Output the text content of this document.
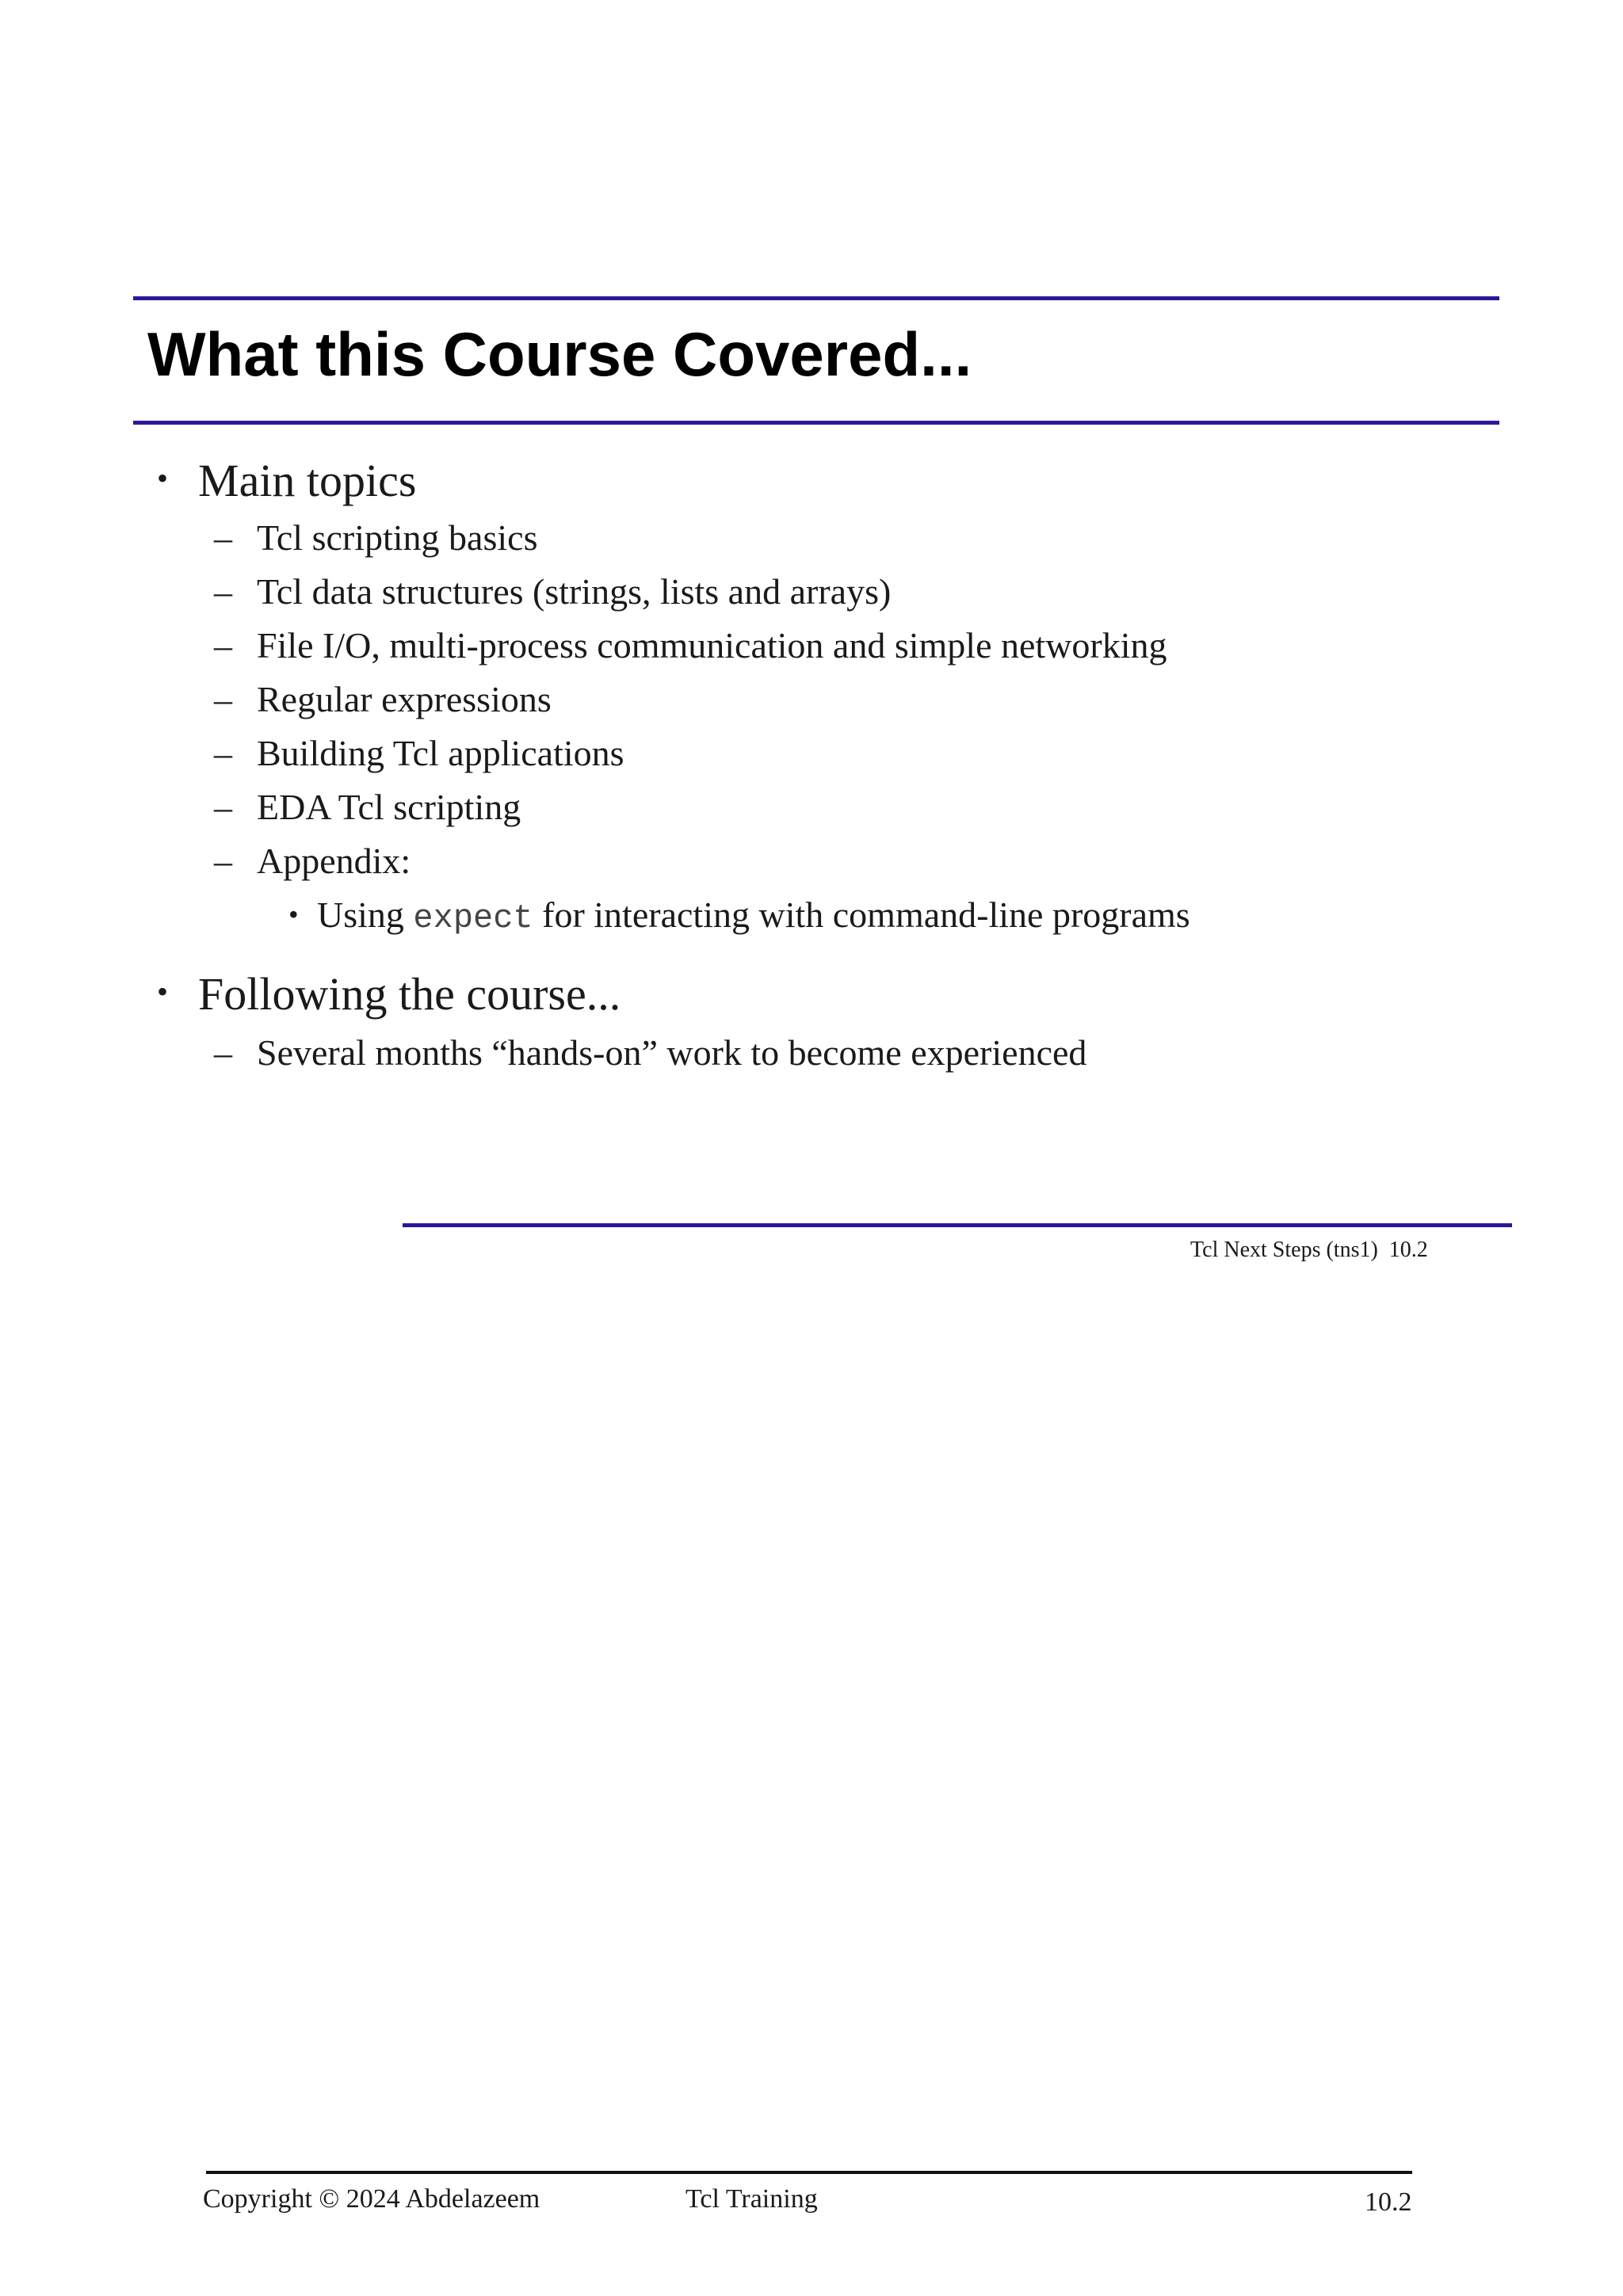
What this Course Covered...
• Main topics
– Tcl scripting basics
– Tcl data structures (strings, lists and arrays)
– File I/O, multi-process communication and simple networking
– Regular expressions
– Building Tcl applications
– EDA Tcl scripting
– Appendix:
• Using expect for interacting with command-line programs
• Following the course...
– Several months “hands-on” work to become experienced
Tcl Next Steps (tns1)  10.2
Copyright © 2024 Abdelazeem	Tcl Training	10.2
